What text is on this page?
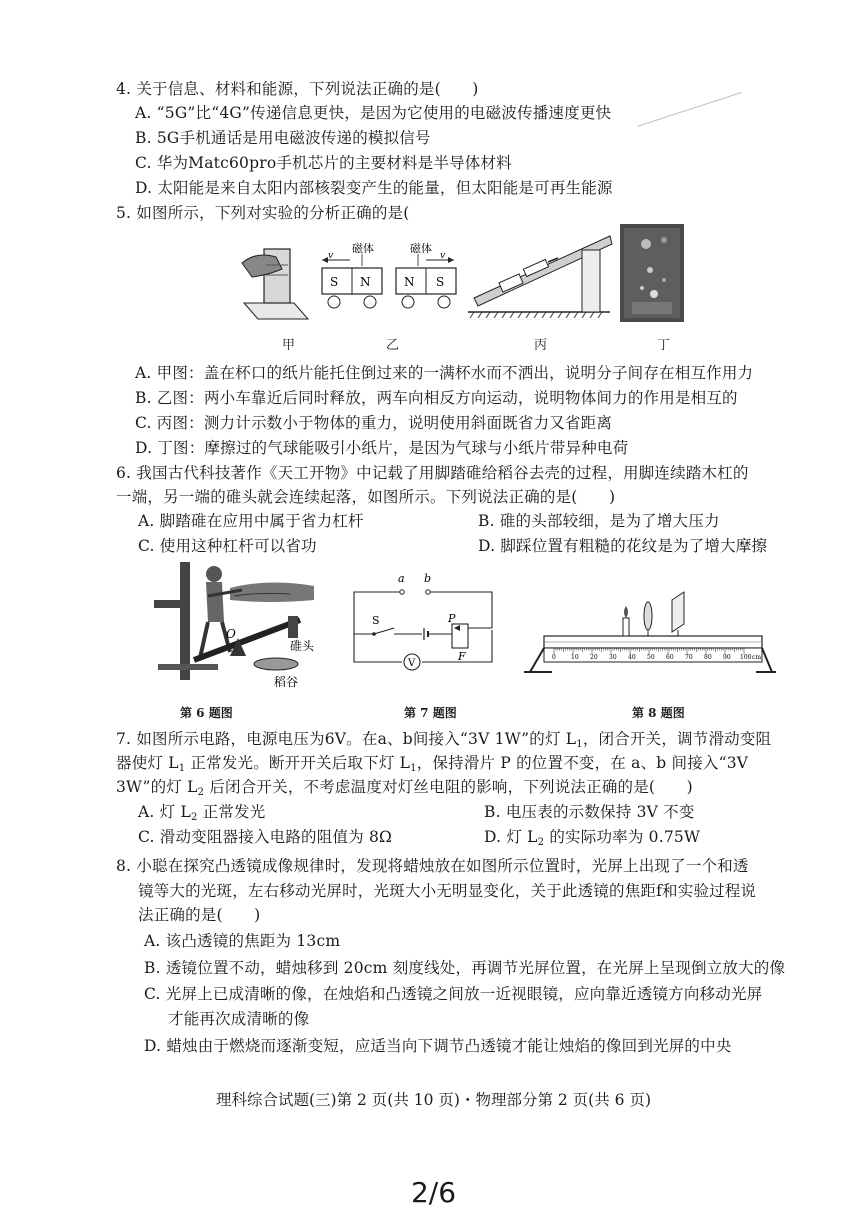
4. 关于信息、材料和能源，下列说法正确的是(　　)
A. “5G”比“4G”传递信息更快，是因为它使用的电磁波传播速度更快
B. 5G手机通话是用电磁波传递的模拟信号
C. 华为Matc60pro手机芯片的主要材料是半导体材料
D. 太阳能是来自太阳内部核裂变产生的能量，但太阳能是可再生能源
5. 如图所示，下列对实验的分析正确的是(
磁体	磁体
v	v
S N	N S
甲	乙	丙	丁
A. 甲图：盖在杯口的纸片能托住倒过来的一满杯水而不洒出，说明分子间存在相互作用力
B. 乙图：两小车靠近后同时释放，两车向相反方向运动，说明物体间力的作用是相互的
C. 丙图：测力计示数小于物体的重力，说明使用斜面既省力又省距离
D. 丁图：摩擦过的气球能吸引小纸片，是因为气球与小纸片带异种电荷
6. 我国古代科技著作《天工开物》中记载了用脚踏碓给稻谷去壳的过程，用脚连续踏木杠的
一端，另一端的碓头就会连续起落，如图所示。下列说法正确的是(　　)
A. 脚踏碓在应用中属于省力杠杆	B. 碓的头部较细，是为了增大压力
C. 使用这种杠杆可以省功	D. 脚踩位置有粗糙的花纹是为了增大摩擦
O
碓头
稻谷
a b
V
S	P
F	0	10 20 30 40 50 60 70 80 90 100 cm
第 6 题图	第 7 题图	第 8 题图
7. 如图所示电路，电源电压为6V。在a、b间接入“3V 1W”的灯 $L_1$，闭合开关，调节滑动变阻
器使灯 $L_1$ 正常发光。断开开关后取下灯 $L_1$，保持滑片 P 的位置不变，在 a、b 间接入“3V
3W”的灯 $L_2$ 后闭合开关，不考虑温度对灯丝电阻的影响，下列说法正确的是(　　)
A. 灯 $L_2$ 正常发光	B. 电压表的示数保持 3V 不变
C. 滑动变阻器接入电路的阻值为 8Ω	D. 灯 $L_2$ 的实际功率为 0.75W
8. 小聪在探究凸透镜成像规律时，发现将蜡烛放在如图所示位置时，光屏上出现了一个和透
镜等大的光斑，左右移动光屏时，光斑大小无明显变化，关于此透镜的焦距f和实验过程说
法正确的是(　　)
A. 该凸透镜的焦距为 13cm
B. 透镜位置不动，蜡烛移到 20cm 刻度线处，再调节光屏位置，在光屏上呈现倒立放大的像
C. 光屏上已成清晰的像，在烛焰和凸透镜之间放一近视眼镜，应向靠近透镜方向移动光屏
才能再次成清晰的像
D. 蜡烛由于燃烧而逐渐变短，应适当向下调节凸透镜才能让烛焰的像回到光屏的中央
理科综合试题(三)第 2 页(共 10 页)・物理部分第 2 页(共 6 页)
2/6
